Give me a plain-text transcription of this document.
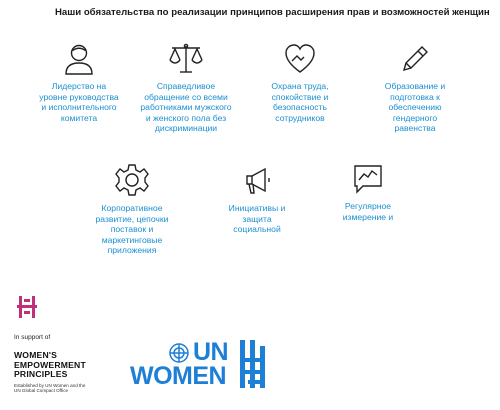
Наши обязательства по реализации принципов расширения прав и возможностей женщин
Лидерство на
уровне руководства
и исполнительного
комитета
Справедливое
обращение со всеми
работниками мужского
и женского пола без
дискриминации
Охрана труда,
спокойствие и
безопасность
сотрудников
Образование и
подготовка к
обеспечению
гендерного
равенства
Корпоративное
развитие, цепочки
поставок и
маркетинговые
приложения
Инициативы и
защита
социальной
Регулярное
измерение и
In support of
WOMEN'S
EMPOWERMENT
PRINCIPLES
Established by UN Women and the
UN Global Compact Office
UN
WOMEN
